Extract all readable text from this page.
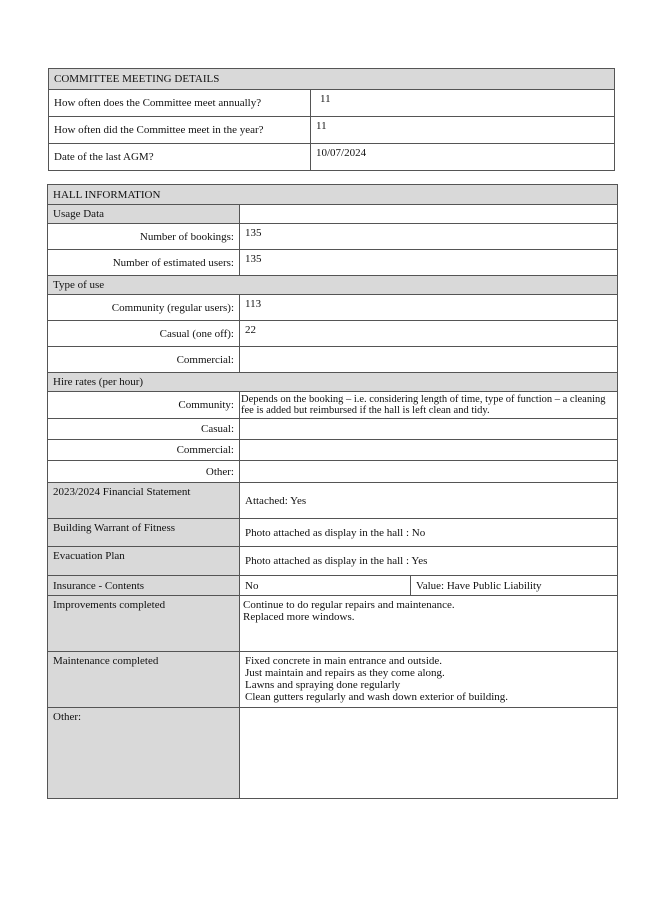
COMMITTEE MEETING DETAILS	
How often does the Committee meet annually?	11
How often did the Committee meet in the year?	11
Date of the last AGM?	10/07/2024
HALL INFORMATION		
Usage Data		
Number of bookings:	135	
Number of estimated users:	135	
Type of use		
Community (regular users):	113	
Casual (one off):	22	
Commercial:		
Hire rates (per hour)		
Community:	Depends on the booking – i.e. considering length of time, type of function – a cleaning fee is added but reimbursed if the hall is left clean and tidy.	
Casual:		
Commercial:		
Other:		
2023/2024 Financial Statement	Attached: Yes	
Building Warrant of Fitness	Photo attached as display in the hall : No	
Evacuation Plan	Photo attached as display in the hall : Yes	
Insurance - Contents	No	Value: Have Public Liability
Improvements completed	Continue to do regular repairs and maintenance.
Replaced more windows.	
Maintenance completed	Fixed concrete in main entrance and outside.
Just maintain and repairs as they come along.
Lawns and spraying done regularly
Clean gutters regularly and wash down exterior of building.	
Other:		
